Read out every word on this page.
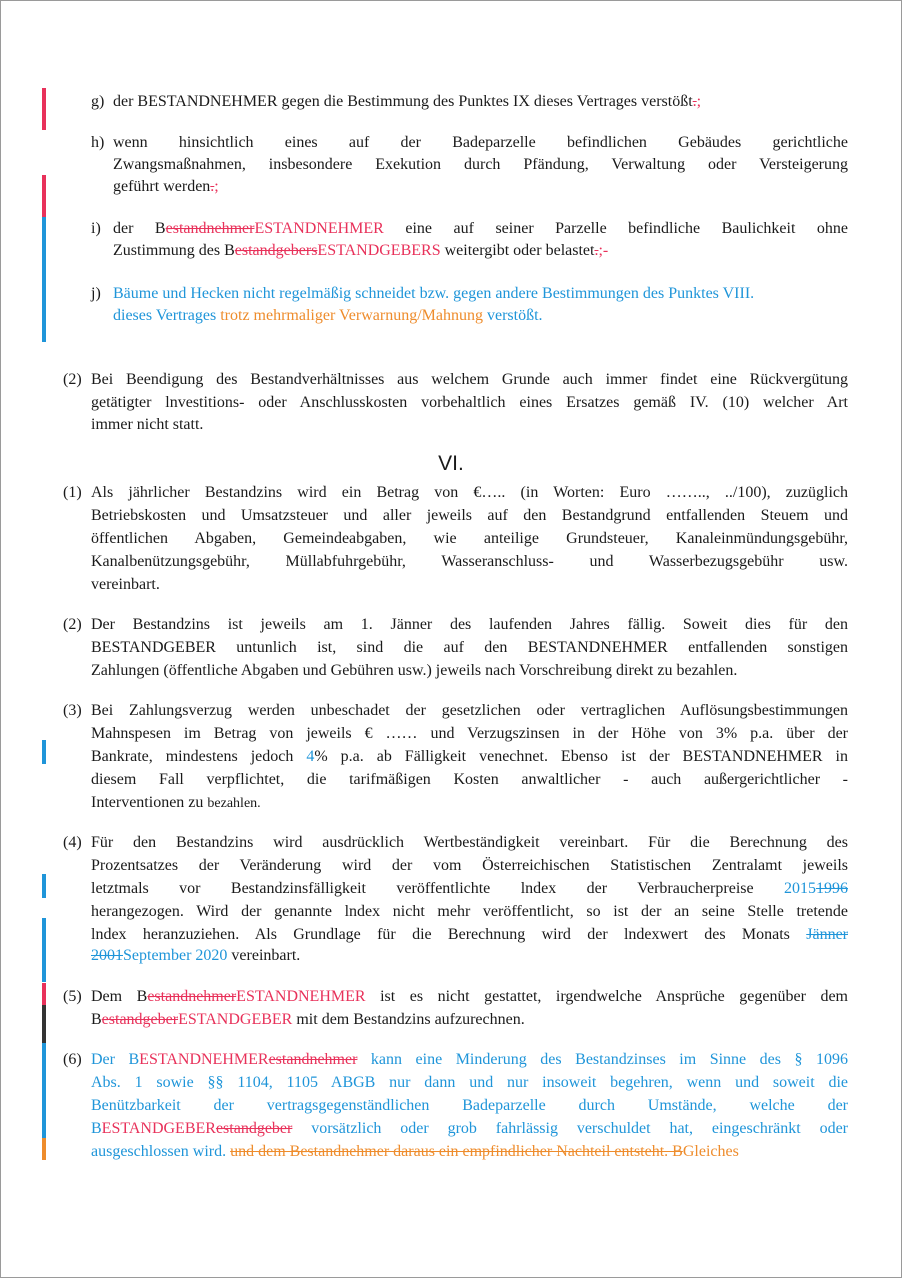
g) der BESTANDNEHMER gegen die Bestimmung des Punktes IX dieses Vertrages verstößt.;
h) wenn hinsichtlich eines auf der Badeparzelle befindlichen Gebäudes gerichtliche
Zwangsmaßnahmen, insbesondere Exekution durch Pfändung, Verwaltung oder Versteigerung
geführt werden.;
i) der BestandnehmerESTANDNEHMER eine auf seiner Parzelle befindliche Baulichkeit ohne
Zustimmung des BestandgebersESTANDGEBERS weitergibt oder belastet.;-
j) Bäume und Hecken nicht regelmäßig schneidet bzw. gegen andere Bestimmungen des Punktes VIII.
dieses Vertrages trotz mehrmaliger Verwarnung/Mahnung verstößt.
(2) Bei Beendigung des Bestandverhältnisses aus welchem Grunde auch immer findet eine Rückvergütung
getätigter lnvestitions- oder Anschlusskosten vorbehaltlich eines Ersatzes gemäß IV. (10) welcher Art
immer nicht statt.
VI.
(1) Als jährlicher Bestandzins wird ein Betrag von €….. (in Worten: Euro …….., ../100), zuzüglich
Betriebskosten und Umsatzsteuer und aller jeweils auf den Bestandgrund entfallenden Steuem und
öffentlichen Abgaben, Gemeindeabgaben, wie anteilige Grundsteuer, Kanaleinmündungsgebühr,
Kanalbenützungsgebühr, Müllabfuhrgebühr, Wasseranschluss- und Wasserbezugsgebühr usw.
vereinbart.
(2) Der Bestandzins ist jeweils am 1. Jänner des laufenden Jahres fällig. Soweit dies für den
BESTANDGEBER untunlich ist, sind die auf den BESTANDNEHMER entfallenden sonstigen
Zahlungen (öffentliche Abgaben und Gebühren usw.) jeweils nach Vorschreibung direkt zu bezahlen.
(3) Bei Zahlungsverzug werden unbeschadet der gesetzlichen oder vertraglichen Auflösungsbestimmungen
Mahnspesen im Betrag von jeweils € …… und Verzugszinsen in der Höhe von 3% p.a. über der
Bankrate, mindestens jedoch 4% p.a. ab Fälligkeit venechnet. Ebenso ist der BESTANDNEHMER in
diesem Fall verpflichtet, die tarifmäßigen Kosten anwaltlicher - auch außergerichtlicher -
Interventionen zu bezahlen.
(4) Für den Bestandzins wird ausdrücklich Wertbeständigkeit vereinbart. Für die Berechnung des
Prozentsatzes der Veränderung wird der vom Österreichischen Statistischen Zentralamt jeweils
letztmals vor Bestandzinsfälligkeit veröffentlichte lndex der Verbraucherpreise 20151996
herangezogen. Wird der genannte lndex nicht mehr veröffentlicht, so ist der an seine Stelle tretende
lndex heranzuziehen. Als Grundlage für die Berechnung wird der lndexwert des Monats Jänner
2001September 2020 vereinbart.
(5) Dem BestandnehmerESTANDNEHMER ist es nicht gestattet, irgendwelche Ansprüche gegenüber dem
BestandgeberESTANDGEBER mit dem Bestandzins aufzurechnen.
(6) Der BESTANDNEHMERestandnehmer kann eine Minderung des Bestandzinses im Sinne des § 1096
Abs. 1 sowie §§ 1104, 1105 ABGB nur dann und nur insoweit begehren, wenn und soweit die
Benützbarkeit der vertragsgegenständlichen Badeparzelle durch Umstände, welche der
BESTANDGEBERestandgeber vorsätzlich oder grob fahrlässig verschuldet hat, eingeschränkt oder
ausgeschlossen wird. und dem Bestandnehmer daraus ein empfindlicher Nachteil entsteht. BGleiches
